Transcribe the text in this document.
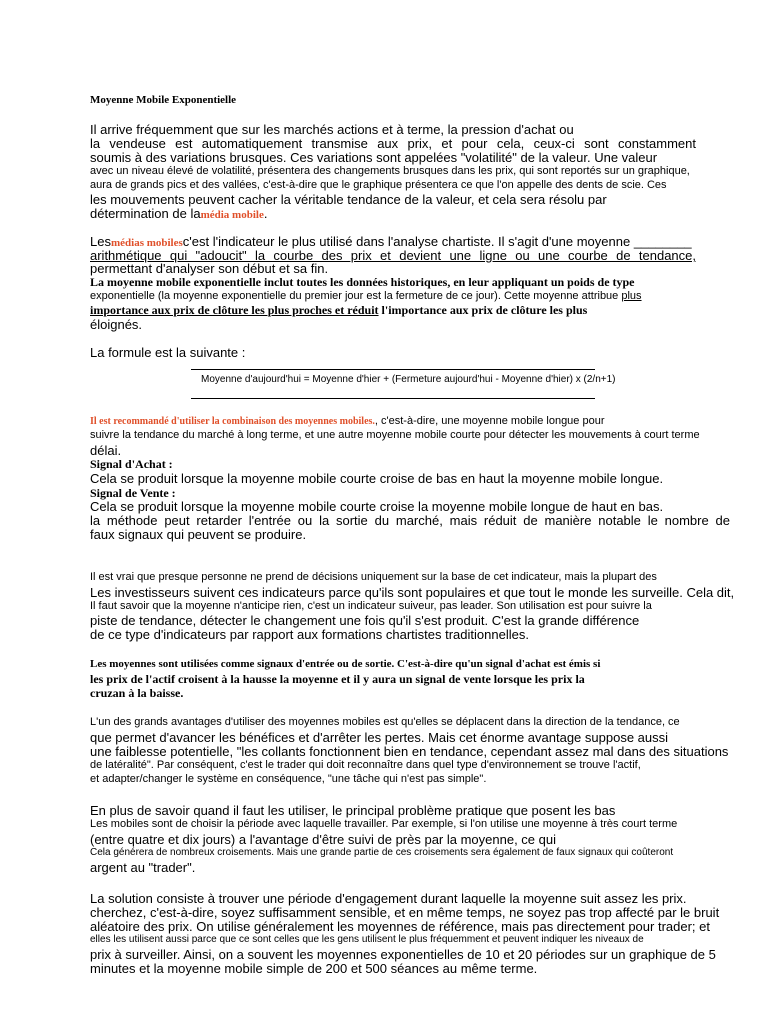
Moyenne Mobile Exponentielle
Il arrive fréquemment que sur les marchés actions et à terme, la pression d'achat ou
la vendeuse est automatiquement transmise aux prix, et pour cela, ceux-ci sont constamment
soumis à des variations brusques. Ces variations sont appelées "volatilité" de la valeur. Une valeur
avec un niveau élevé de volatilité, présentera des changements brusques dans les prix, qui sont reportés sur un graphique,
aura de grands pics et des vallées, c'est-à-dire que le graphique présentera ce que l'on appelle des dents de scie. Ces
les mouvements peuvent cacher la véritable tendance de la valeur, et cela sera résolu par
détermination de lamédia mobile.
Lesmédias mobilesc'est l'indicateur le plus utilisé dans l'analyse chartiste. Il s'agit d'une moyenne ________
arithmétique qui "adoucit" la courbe des prix et devient une ligne ou une courbe de tendance,
permettant d'analyser son début et sa fin.
La moyenne mobile exponentielle inclut toutes les données historiques, en leur appliquant un poids de type
exponentielle (la moyenne exponentielle du premier jour est la fermeture de ce jour). Cette moyenne attribue plus
importance aux prix de clôture les plus proches et réduit l'importance aux prix de clôture les plus
éloignés.
La formule est la suivante :
Moyenne d'aujourd'hui = Moyenne d'hier + (Fermeture aujourd'hui - Moyenne d'hier) x (2/n+1)
Il est recommandé d'utiliser la combinaison des moyennes mobiles., c'est-à-dire, une moyenne mobile longue pour
suivre la tendance du marché à long terme, et une autre moyenne mobile courte pour détecter les mouvements à court terme
délai.
Signal d'Achat :
Cela se produit lorsque la moyenne mobile courte croise de bas en haut la moyenne mobile longue.
Signal de Vente :
Cela se produit lorsque la moyenne mobile courte croise la moyenne mobile longue de haut en bas.
la méthode peut retarder l'entrée ou la sortie du marché, mais réduit de manière notable le nombre de
faux signaux qui peuvent se produire.
Il est vrai que presque personne ne prend de décisions uniquement sur la base de cet indicateur, mais la plupart des
Les investisseurs suivent ces indicateurs parce qu'ils sont populaires et que tout le monde les surveille. Cela dit,
Il faut savoir que la moyenne n'anticipe rien, c'est un indicateur suiveur, pas leader. Son utilisation est pour suivre la
piste de tendance, détecter le changement une fois qu'il s'est produit. C'est la grande différence
de ce type d'indicateurs par rapport aux formations chartistes traditionnelles.
Les moyennes sont utilisées comme signaux d'entrée ou de sortie. C'est-à-dire qu'un signal d'achat est émis si
les prix de l'actif croisent à la hausse la moyenne et il y aura un signal de vente lorsque les prix la
cruzan à la baisse.
L'un des grands avantages d'utiliser des moyennes mobiles est qu'elles se déplacent dans la direction de la tendance, ce
que permet d'avancer les bénéfices et d'arrêter les pertes. Mais cet énorme avantage suppose aussi
une faiblesse potentielle, "les collants fonctionnent bien en tendance, cependant assez mal dans des situations
de latéralité". Par conséquent, c'est le trader qui doit reconnaître dans quel type d'environnement se trouve l'actif,
et adapter/changer le système en conséquence, "une tâche qui n'est pas simple".
En plus de savoir quand il faut les utiliser, le principal problème pratique que posent les bas
Les mobiles sont de choisir la période avec laquelle travailler. Par exemple, si l'on utilise une moyenne à très court terme
(entre quatre et dix jours) a l'avantage d'être suivi de près par la moyenne, ce qui
Cela générera de nombreux croisements. Mais une grande partie de ces croisements sera également de faux signaux qui coûteront
argent au "trader".
La solution consiste à trouver une période d'engagement durant laquelle la moyenne suit assez les prix.
cherchez, c'est-à-dire, soyez suffisamment sensible, et en même temps, ne soyez pas trop affecté par le bruit
aléatoire des prix. On utilise généralement les moyennes de référence, mais pas directement pour trader; et
elles les utilisent aussi parce que ce sont celles que les gens utilisent le plus fréquemment et peuvent indiquer les niveaux de
prix à surveiller. Ainsi, on a souvent les moyennes exponentielles de 10 et 20 périodes sur un graphique de 5
minutes et la moyenne mobile simple de 200 et 500 séances au même terme.
